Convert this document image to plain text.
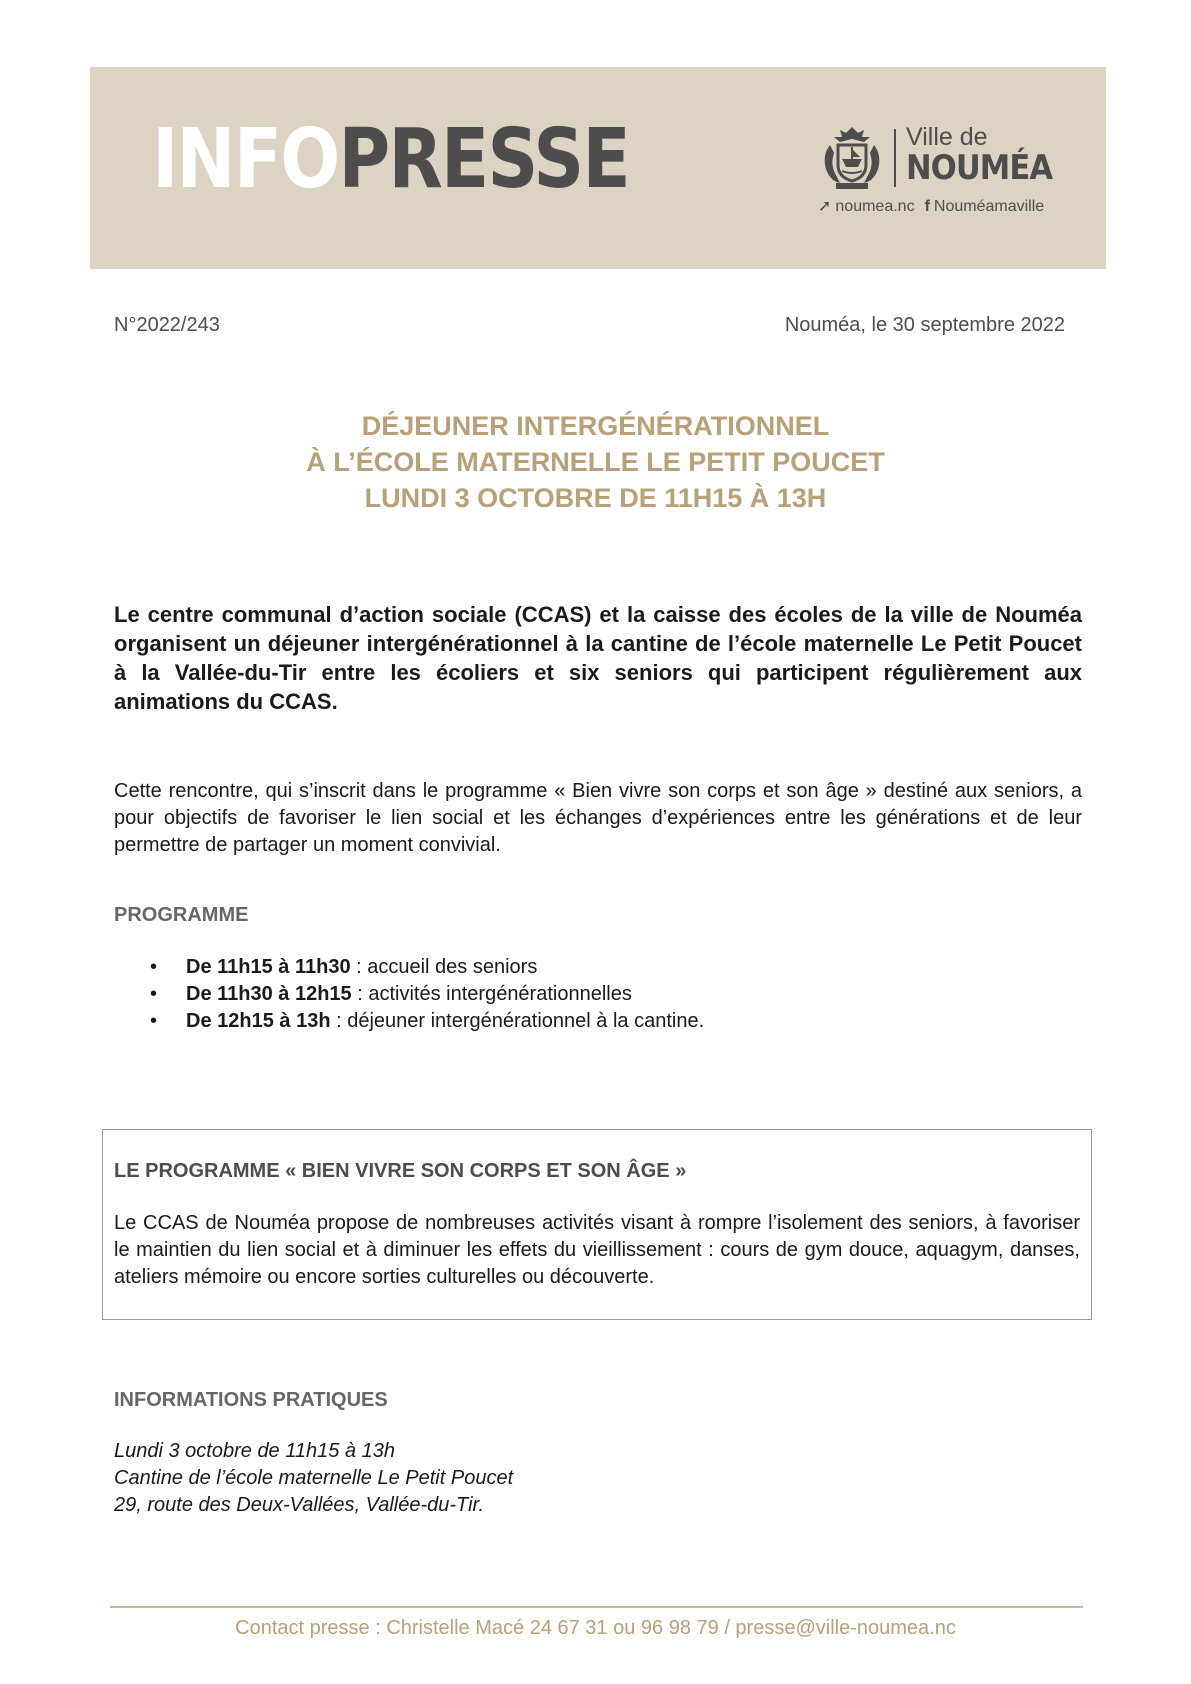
INFOPRESSE	Ville de
NOUMÉA
➚ noumea.nc f Nouméamaville
N°2022/243	Nouméa, le 30 septembre 2022
DÉJEUNER INTERGÉNÉRATIONNEL
À L’ÉCOLE MATERNELLE LE PETIT POUCET
LUNDI 3 OCTOBRE DE 11H15 À 13H

Le centre communal d’action sociale (CCAS) et la caisse des écoles de la ville de Nouméa organisent un déjeuner intergénérationnel à la cantine de l’école maternelle Le Petit Poucet à la Vallée-du-Tir entre les écoliers et six seniors qui participent régulièrement aux animations du CCAS.

Cette rencontre, qui s’inscrit dans le programme « Bien vivre son corps et son âge » destiné aux seniors, a pour objectifs de favoriser le lien social et les échanges d’expériences entre les générations et de leur permettre de partager un moment convivial.

PROGRAMME
• De 11h15 à 11h30 : accueil des seniors
• De 11h30 à 12h15 : activités intergénérationnelles
• De 12h15 à 13h : déjeuner intergénérationnel à la cantine.
LE PROGRAMME « BIEN VIVRE SON CORPS ET SON ÂGE »

Le CCAS de Nouméa propose de nombreuses activités visant à rompre l’isolement des seniors, à favoriser le maintien du lien social et à diminuer les effets du vieillissement : cours de gym douce, aquagym, danses, ateliers mémoire ou encore sorties culturelles ou découverte.

INFORMATIONS PRATIQUES
Lundi 3 octobre de 11h15 à 13h
Cantine de l’école maternelle Le Petit Poucet
29, route des Deux-Vallées, Vallée-du-Tir.
Contact presse : Christelle Macé 24 67 31 ou 96 98 79 / presse@ville-noumea.nc
